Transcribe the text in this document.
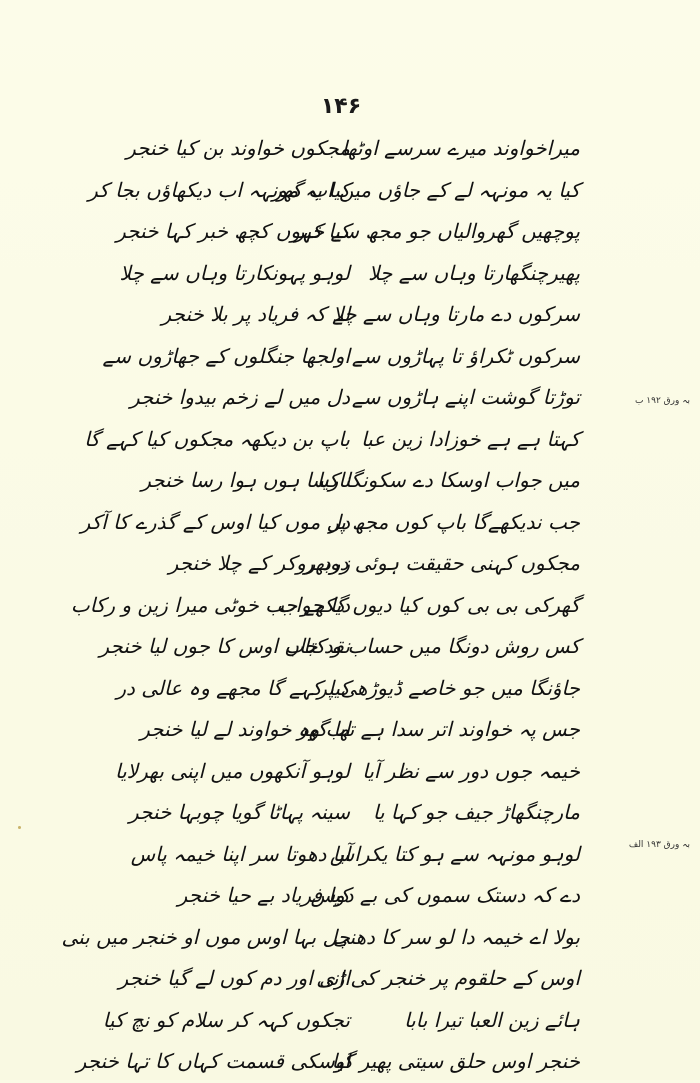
۱۴۶
میراخواوند میرے سرسے اوٹھا
کیا یہ مونہہ لے کے جاؤں میں اب گھر
پوچھیں گھروالیاں جو مجھ سے خبر
پھیرچنگھارتا وہاں سے چلا
سرکوں دے مارتا وہاں سے چلا
سرکوں ٹکراؤ تا پہاڑوں سے
توڑتا گوشت اپنے ہاڑوں سے
کہتا ہے ہے خوزادا زین عبا
میں جواب اوسکا دے سکونگا کیا
جب ندیکھےگا باپ کوں مجھ پر
مجکوں کہنی حقیقت ہوئی دوبھر
گھرکی بی بی کوں کیا دیوں گا جواب
کس روش دونگا میں حساب و کتاب
جاؤنگا میں جو خاصے ڈیوڑھی پر
جس پہ خواوند اتر سدا ہے تھا گھر
خیمہ جوں دور سے نظر آیا
مارچنگھاڑ جیف جو کہا یا
لوہو مونہہ سے ہو کتا یکراس
دے کہ دستک سموں کی بے دوس
بولا اے خیمہ دا لو سر کا دھنی
اوس کے حلقوم پر خنجر کی انی
ہائے زین العبا تیرا بابا
خنجر اوس حلق سیتی پھیر گیا
مجکوں خواوند بن کیا خنجر
کیا یہ مونہہ اب دیکھاؤں بجا کر
کیا کہوں کچھ خبر کہا خنجر
لوہو پہونکارتا وہاں سے چلا
لے کہ فریاد پر بلا خنجر
اولجھا جنگلوں کے جھاڑوں سے
دل میں لے زخم بیدوا خنجر
باپ بن دیکھہ مجکوں کیا کہے گا
نارسا ہوں ہوا رسا خنجر
دل موں کیا اوس کے گذرے کا آکر
زرد روکر کے چلا خنجر
دیکھے جب خوٹی میرا زین و رکاب
نقد جاں اوس کا جوں لیا خنجر
کیا کہے گا مجھے وہ عالی در
اب وہ خواوند لے لیا خنجر
لوہو آنکھوں میں اپنی بھرلایا
سینہ پہاٹا گویا چوبہا خنجر
آیا دھوتا سر اپنا خیمہ پاس
کیا فریاد بے حیا خنجر
چل بہا اوس موں او خنجر میں بنی
اڑی اور دم کوں لے گیا خنجر
تجکوں کہہ کر سلام کو نچ کیا
اوسکی قسمت کہاں کا تہا خنجر
بہ ورق ۱۹۲ ب
بہ ورق ۱۹۳ الف
